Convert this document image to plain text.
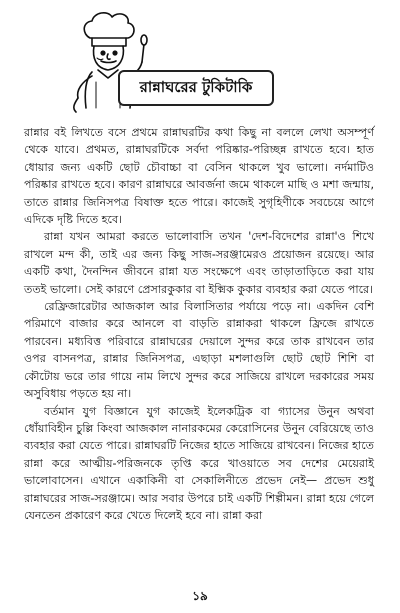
রান্নাঘরের টুকিটাকি

রান্নার বই লিখতে বসে প্রথমে রান্নাঘরটির কথা কিছু না বললে লেখা অসম্পূর্ণ থেকে যাবে। প্রথমত, রান্নাঘরটিকে সর্বদা পরিষ্কার-পরিচ্ছন্ন রাখতে হবে। হাত ধোয়ার জন্য একটি ছোট চৌবাচ্চা বা বেসিন থাকলে খুব ভালো। নর্দমাটিও পরিষ্কার রাখতে হবে। কারণ রান্নাঘরে আবর্জনা জমে থাকলে মাছি ও মশা জন্মায়, তাতে রান্নার জিনিসপত্র বিষাক্ত হতে পারে। কাজেই সুগৃহিণীকে সবচেয়ে আগে এদিকে দৃষ্টি দিতে হবে।

রান্না যখন আমরা করতে ভালোবাসি তখন 'দেশ-বিদেশের রান্না'ও শিখে রাখলে মন্দ কী, তাই এর জন্য কিছু সাজ-সরঞ্জামেরও প্রয়োজন রয়েছে। আর একটি কথা, দৈনন্দিন জীবনে রান্না যত সংক্ষেপে এবং তাড়াতাড়িতে করা যায় ততই ভালো। সেই কারণে প্রেসারকুকার বা ইক্মিক কুকার ব্যবহার করা যেতে পারে।

রেফ্রিজারেটার আজকাল আর বিলাসিতার পর্যায়ে পড়ে না। একদিন বেশি পরিমাণে বাজার করে আনলে বা বাড়তি রান্নাকরা থাকলে ফ্রিজে রাখতে পারবেন। মধ্যবিত্ত পরিবারে রান্নাঘরের দেয়ালে সুন্দর করে তাক রাখবেন তার ওপর বাসনপত্র, রান্নার জিনিসপত্র, এছাড়া মশলাগুলি ছোট ছোট শিশি বা কৌটোয় ভরে তার গায়ে নাম লিখে সুন্দর করে সাজিয়ে রাখলে দরকারের সময় অসুবিধায় পড়তে হয় না।

বর্তমান যুগ বিজ্ঞানে যুগ কাজেই ইলেকট্রিক বা গ্যাসের উনুন অথবা ধোঁয়াবিহীন চুল্লি কিংবা আজকাল নানারকমের কেরোসিনের উনুন বেরিয়েছে তাও ব্যবহার করা যেতে পারে। রান্নাঘরটি নিজের হাতে সাজিয়ে রাখবেন। নিজের হাতে রান্না করে আত্মীয়-পরিজনকে তৃপ্তি করে খাওয়াতে সব দেশের মেয়েরাই ভালোবাসেন। এখানে একাকিনী বা সেকালিনীতে প্রভেদ নেই— প্রভেদ শুধু রান্নাঘরের সাজ-সরঞ্জামে। আর সবার উপরে চাই একটি শিল্পীমন। রান্না হয়ে গেলে যেনতেন প্রকারেণ করে খেতে দিলেই হবে না। রান্না করা

১৯
